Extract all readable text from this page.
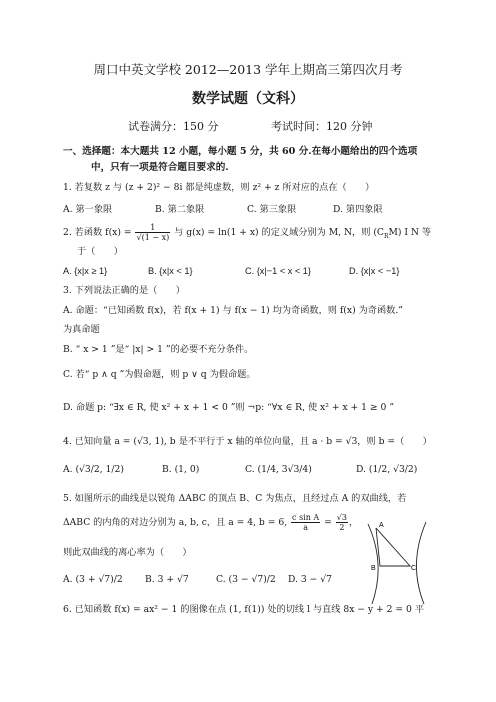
周口中英文学校 2012—2013 学年上期高三第四次月考
数学试题（文科）
试卷满分：150 分	考试时间：120 分钟
一、选择题：本大题共 12 小题，每小题 5 分，共 60 分.在每小题给出的四个选项
中，只有一项是符合题目要求的.
1. 若复数 z 与 (z + 2)² − 8i 都是纯虚数，则 z² + z 所对应的点在（　　）
A. 第一象限	B. 第二象限	C. 第三象限	D. 第四象限
2. 若函数 $f(x) = \frac{1}{√(1 - x)}$ 与 g(x) = ln(1 + x) 的定义域分别为 M, N，则 $(C_RM)$ I N 等
于（　　）
A. {x|x ≥ 1}	B. {x|x < 1}	C. {x|−1 < x < 1}	D. {x|x < −1}
3. 下列说法正确的是（　　）
A. 命题：“已知函数 f(x)，若 f(x + 1) 与 f(x − 1) 均为奇函数，则 f(x) 为奇函数.”
为真命题
B. “ x > 1 ”是“ |x| > 1 ”的必要不充分条件。
C. 若“ p ∧ q ”为假命题，则 p ∨ q 为假命题。
D. 命题 p: “∃x ∈ R, 使 x² + x + 1 < 0 ”则 ¬p: “∀x ∈ R, 使 x² + x + 1 ≥ 0 ”
4. 已知向量 a = (√3, 1), b 是不平行于 x 轴的单位向量，且 a · b = √3，则 b =（　　）
A. (√3/2, 1/2)	B. (1, 0)	C. (1/4, 3√3/4)	D. (1/2, √3/2)
5. 如图所示的曲线是以锐角 ΔABC 的顶点 B、C 为焦点，且经过点 A 的双曲线，若
ΔABC 的内角的对边分别为 a, b, c，且 a = 4, b = 6, $\frac{\text{c sin A}}{a} = \frac{√3}{2}$ ，
则此双曲线的离心率为（　　）
A. (3 + √7)/2 B. 3 + √7	C. (3 − √7)/2 D. 3 − √7
A
B	C
6. 已知函数 f(x) = ax² − 1 的图像在点 (1, f(1)) 处的切线 l 与直线 8x − y + 2 = 0 平
